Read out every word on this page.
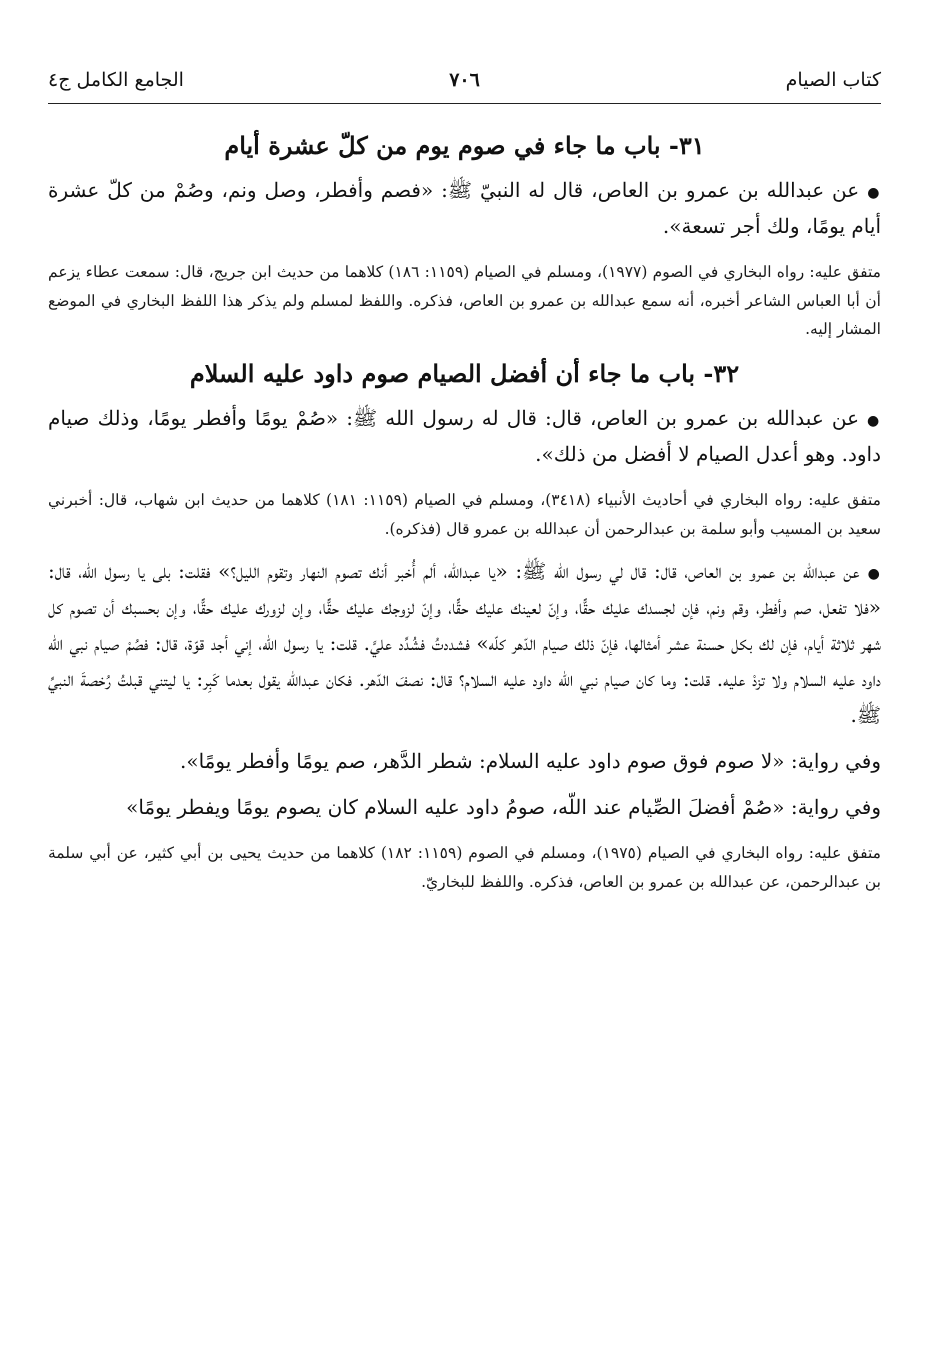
كتاب الصيام
٧٠٦
الجامع الكامل ج٤
٣١- باب ما جاء في صوم يوم من كلّ عشرة أيام

●عن عبدالله بن عمرو بن العاص، قال له النبيّ ﷺ: «فصم وأفطر، وصل ونم، وصُمْ من كلّ عشرة أيام يومًا، ولك أجر تسعة».

متفق عليه: رواه البخاري في الصوم (١٩٧٧)، ومسلم في الصيام (١١٥٩: ١٨٦) كلاهما من حديث ابن جريج، قال: سمعت عطاء يزعم أن أبا العباس الشاعر أخبره، أنه سمع عبدالله بن عمرو بن العاص، فذكره. واللفظ لمسلم ولم يذكر هذا اللفظ البخاري في الموضع المشار إليه.

٣٢- باب ما جاء أن أفضل الصيام صوم داود عليه السلام

●عن عبدالله بن عمرو بن العاص، قال: قال له رسول الله ﷺ: «صُمْ يومًا وأفطر يومًا، وذلك صيام داود. وهو أعدل الصيام لا أفضل من ذلك».

متفق عليه: رواه البخاري في أحاديث الأنبياء (٣٤١٨)، ومسلم في الصيام (١١٥٩: ١٨١) كلاهما من حديث ابن شهاب، قال: أخبرني سعيد بن المسيب وأبو سلمة بن عبدالرحمن أن عبدالله بن عمرو قال (فذكره).

●عن عبدالله بن عمرو بن العاص، قال: قال لي رسول الله ﷺ: «يا عبدالله، ألم أُخبر أنك تصوم النهار وتقوم الليل؟» فقلت: بلى يا رسول الله، قال: «فلا تفعل، صم وأفطر، وقم ونم، فإن لجسدك عليك حقًّا، وإنّ لعينك عليك حقًّا، وإنّ لزوجك عليك حقًّا، وإن لزورك عليك حقًّا، وإن بحسبك أن تصوم كل شهر ثلاثة أيام، فإن لك بكل حسنة عشر أمثالها، فإنّ ذلك صيام الدّهر كلّه» فشددتُ فشُدِّد عليَّ. قلت: يا رسول الله، إني أجد قوّة، قال: فصُمْ صيام نبي الله داود عليه السلام ولا تزدْ عليه. قلت: وما كان صيام نبي الله داود عليه السلام؟ قال: نصفَ الدّهر. فكان عبدالله يقول بعدما كَبِر: يا ليتني قبلتُ رُخصةَ النبيِّ ﷺ.

وفي رواية: «لا صوم فوق صوم داود عليه السلام: شطر الدَّهر، صم يومًا وأفطر يومًا».

وفي رواية: «صُمْ أفضلَ الصِّيام عند اللّه، صومُ داود عليه السلام كان يصوم يومًا ويفطر يومًا»

متفق عليه: رواه البخاري في الصيام (١٩٧٥)، ومسلم في الصوم (١١٥٩: ١٨٢) كلاهما من حديث يحيى بن أبي كثير، عن أبي سلمة بن عبدالرحمن، عن عبدالله بن عمرو بن العاص، فذكره. واللفظ للبخاريّ.
